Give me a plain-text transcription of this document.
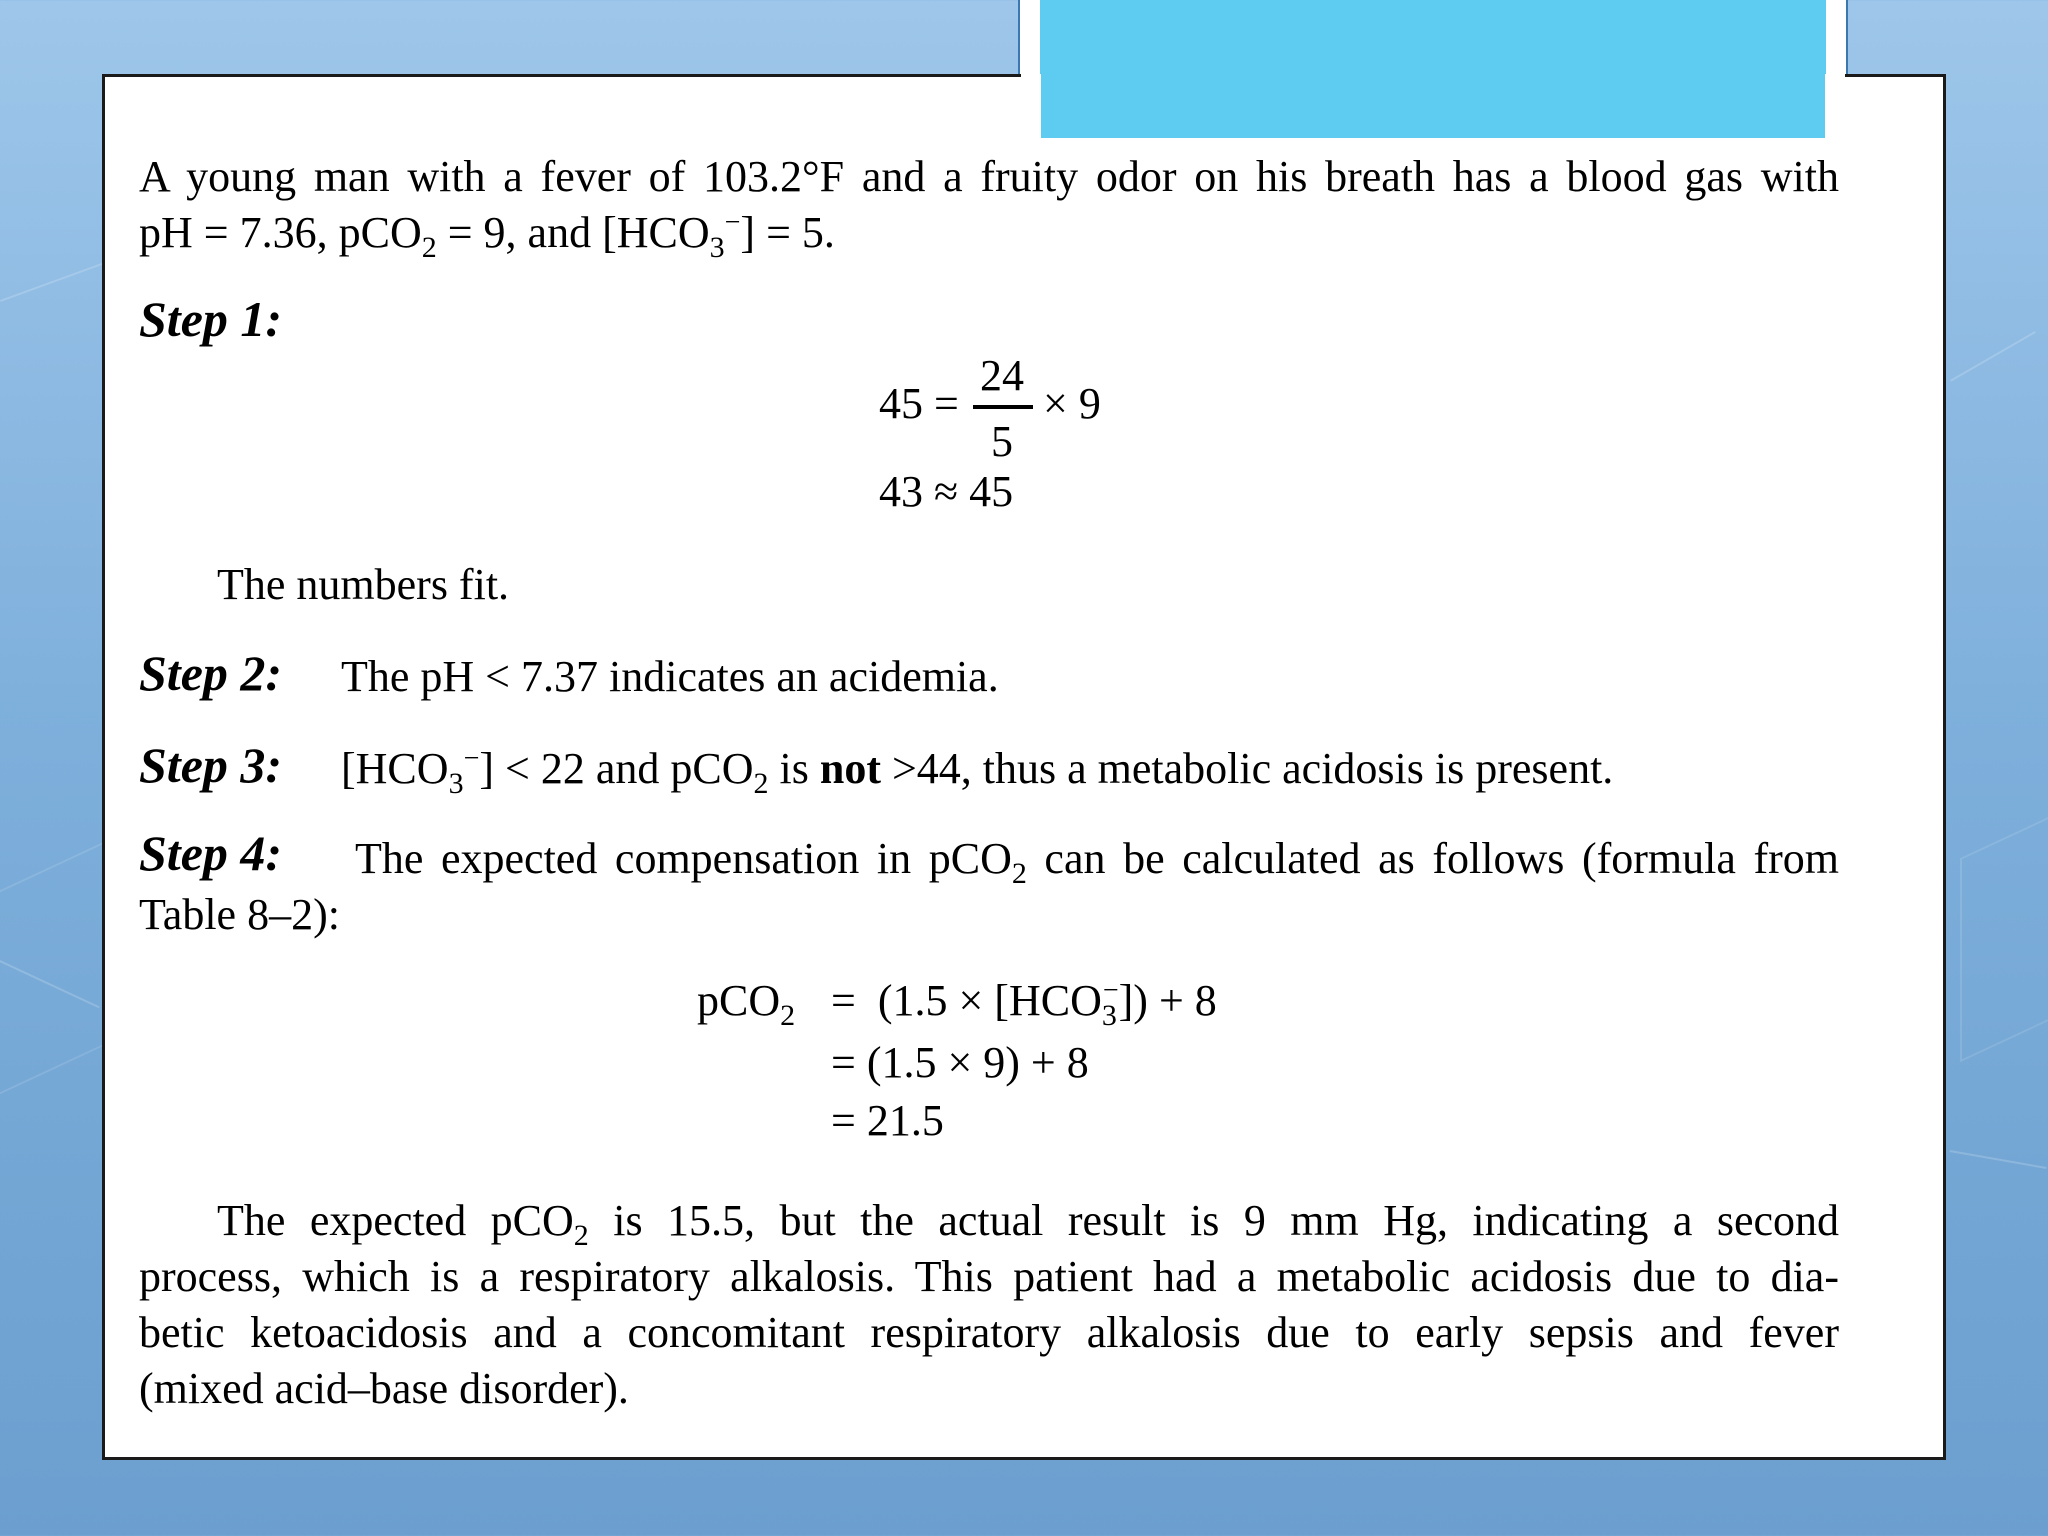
A young man with a fever of 103.2°F and a fruity odor on his breath has a blood gas with
pH = 7.36, pCO$_2$ = 9, and $[HCO_3^-] = 5$.
Step 1:
45 =
24
5
× 9
43 ≈ 45
The numbers fit.
Step 2: The pH < 7.37 indicates an acidemia.
Step 3: $[HCO_3^-] < 22$ and pCO$_2$ is not >44, thus a metabolic acidosis is present.
Step 4: The expected compensation in pCO$_2$ can be calculated as follows (formula from
Table 8–2):
$pCO_2 = (1.5 \times [HCO_3^-]) + 8$
= (1.5 × 9) + 8
= 21.5
The expected pCO$_2$ is 15.5, but the actual result is 9 mm Hg, indicating a second
process, which is a respiratory alkalosis. This patient had a metabolic acidosis due to dia-
betic ketoacidosis and a concomitant respiratory alkalosis due to early sepsis and fever
(mixed acid–base disorder).
